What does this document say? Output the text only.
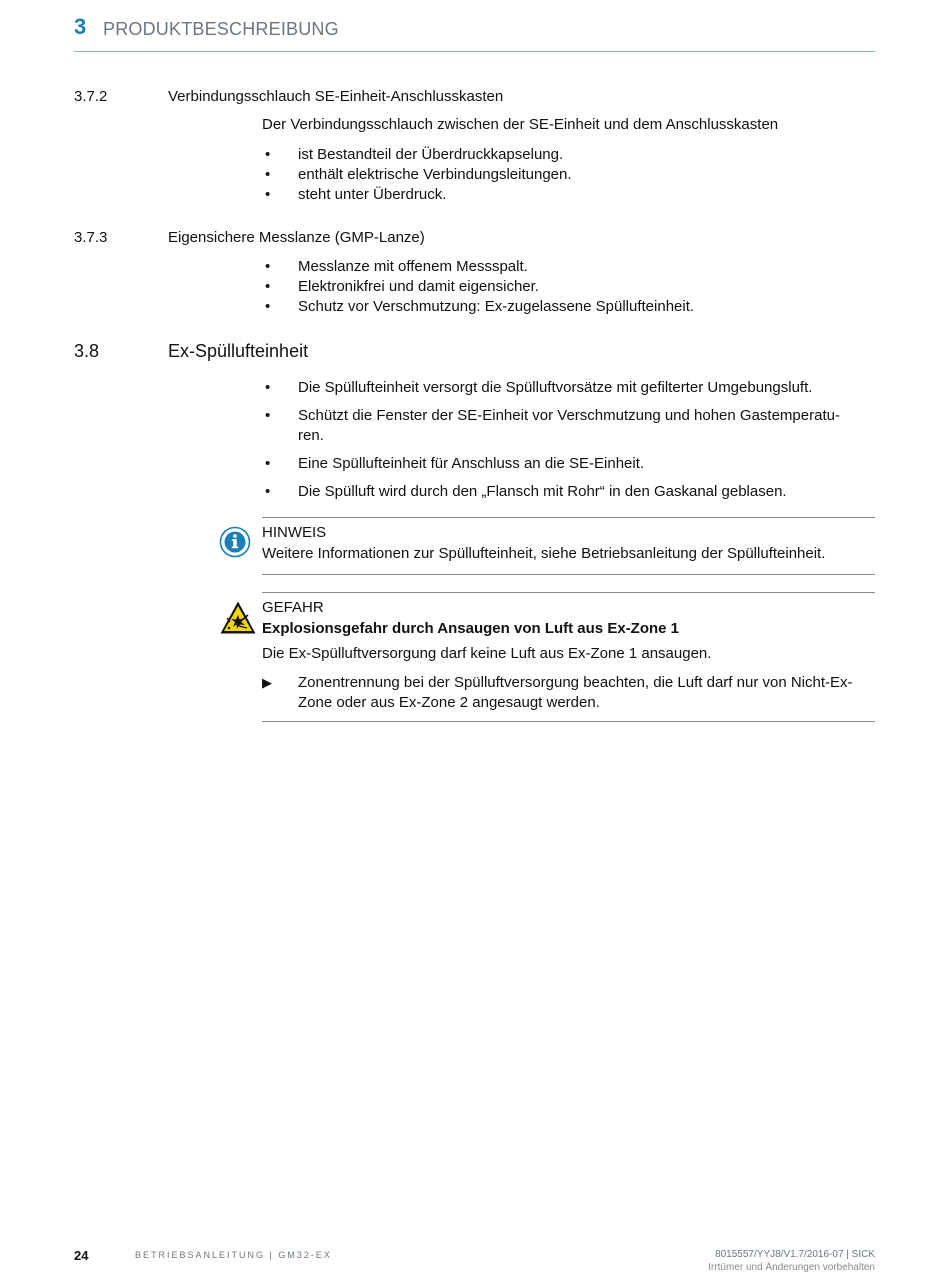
3 PRODUKTBESCHREIBUNG
3.7.2	Verbindungsschlauch SE-Einheit-Anschlusskasten
Der Verbindungsschlauch zwischen der SE-Einheit und dem Anschlusskasten
• ist Bestandteil der Überdruckkapselung.
• enthält elektrische Verbindungsleitungen.
• steht unter Überdruck.
3.7.3	Eigensichere Messlanze (GMP-Lanze)
• Messlanze mit offenem Messspalt.
• Elektronikfrei und damit eigensicher.
• Schutz vor Verschmutzung: Ex-zugelassene Spüllufteinheit.
3.8	Ex-Spüllufteinheit
• Die Spüllufteinheit versorgt die Spülluftvorsätze mit gefilterter Umgebungsluft.
• Schützt die Fenster der SE-Einheit vor Verschmutzung und hohen Gastemperatu- ren.
• Eine Spüllufteinheit für Anschluss an die SE-Einheit.
• Die Spülluft wird durch den „Flansch mit Rohr“ in den Gaskanal geblasen.
HINWEIS
Weitere Informationen zur Spüllufteinheit, siehe Betriebsanleitung der Spüllufteinheit.
GEFAHR
Explosionsgefahr durch Ansaugen von Luft aus Ex-Zone 1
Die Ex-Spülluftversorgung darf keine Luft aus Ex-Zone 1 ansaugen.
▶	Zonentrennung bei der Spülluftversorgung beachten, die Luft darf nur von Nicht-Ex-Zone oder aus Ex-Zone 2 angesaugt werden.
24	BETRIEBSANLEITUNG | GM32-EX	8015557/YYJ8/V1.7/2016-07 | SICK
Irrtümer und Änderungen vorbehalten
